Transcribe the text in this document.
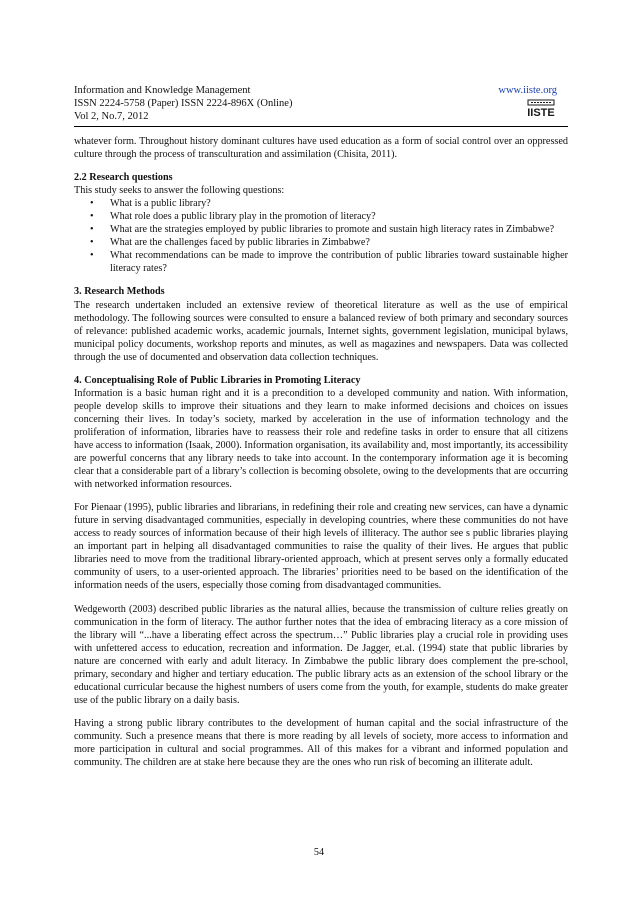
Information and Knowledge Management
ISSN 2224-5758 (Paper) ISSN 2224-896X (Online)
Vol 2, No.7, 2012
www.iiste.org
IISTE

whatever form. Throughout history dominant cultures have used education as a form of social control over an oppressed culture through the process of transculturation and assimilation (Chisita, 2011).

2.2 Research questions
This study seeks to answer the following questions:
• What is a public library?
• What role does a public library play in the promotion of literacy?
• What are the strategies employed by public libraries to promote and sustain high literacy rates in Zimbabwe?
• What are the challenges faced by public libraries in Zimbabwe?
• What recommendations can be made to improve the contribution of public libraries toward sustainable higher literacy rates?
3. Research Methods

The research undertaken included an extensive review of theoretical literature as well as the use of empirical methodology. The following sources were consulted to ensure a balanced review of both primary and secondary sources of relevance: published academic works, academic journals, Internet sights, government legislation, municipal bylaws, municipal policy documents, workshop reports and minutes, as well as magazines and newspapers. Data was collected through the use of documented and observation data collection techniques.

4. Conceptualising Role of Public Libraries in Promoting Literacy

Information is a basic human right and it is a precondition to a developed community and nation. With information, people develop skills to improve their situations and they learn to make informed decisions and choices on issues concerning their lives. In today’s society, marked by acceleration in the use of information technology and the proliferation of information, libraries have to reassess their role and redefine tasks in order to ensure that all citizens have access to information (Isaak, 2000). Information organisation, its availability and, most importantly, its accessibility are powerful concerns that any library needs to take into account. In the contemporary information age it is becoming clear that a considerable part of a library’s collection is becoming obsolete, owing to the developments that are occurring with networked information resources.

For Pienaar (1995), public libraries and librarians, in redefining their role and creating new services, can have a dynamic future in serving disadvantaged communities, especially in developing countries, where these communities do not have access to ready sources of information because of their high levels of illiteracy. The author see s public libraries playing an important part in helping all disadvantaged communities to raise the quality of their lives. He argues that public libraries need to move from the traditional library-oriented approach, which at present serves only a formally educated community of users, to a user-oriented approach. The libraries’ priorities need to be based on the identification of the information needs of the users, especially those coming from disadvantaged communities.

Wedgeworth (2003) described public libraries as the natural allies, because the transmission of culture relies greatly on communication in the form of literacy. The author further notes that the idea of embracing literacy as a core mission of the library will “...have a liberating effect across the spectrum…” Public libraries play a crucial role in providing uses with unfettered access to education, recreation and information. De Jagger, et.al. (1994) state that public libraries by nature are concerned with early and adult literacy. In Zimbabwe the public library does complement the pre-school, primary, secondary and higher and tertiary education. The public library acts as an extension of the school library or the educational curricular because the highest numbers of users come from the youth, for example, students do make greater use of the public library on a daily basis.

Having a strong public library contributes to the development of human capital and the social infrastructure of the community. Such a presence means that there is more reading by all levels of society, more access to information and more participation in cultural and social programmes. All of this makes for a vibrant and informed population and community. The children are at stake here because they are the ones who run risk of becoming an illiterate adult.

54
